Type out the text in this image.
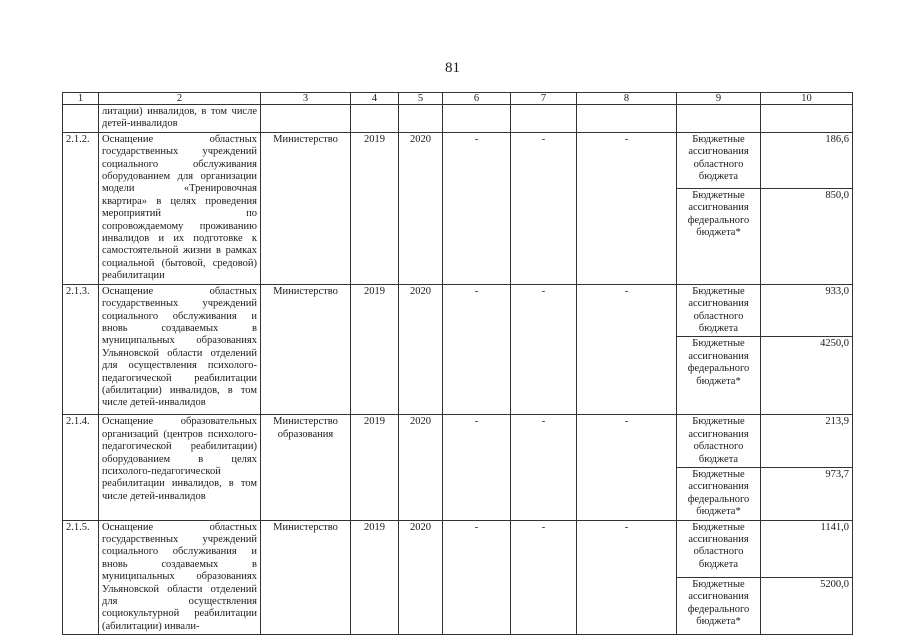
81
1	2	3	4	5	6	7	8	9	10
	литации) инвалидов, в том числе детей-инвалидов								
2.1.2.	Оснащение областных государственных учреждений социального обслуживания оборудованием для организации модели «Тренировочная квартира» в целях проведения мероприятий по сопровождаемому проживанию инвалидов и их подготовке к самостоятельной жизни в рамках социальной (бытовой, средовой) реабилитации	Министерство	2019	2020	-	-	-	Бюджетные ассигнования областного бюджета	186,6
								Бюджетные ассигнования федерального бюджета*	850,0
2.1.3.	Оснащение областных государственных учреждений социального обслуживания и вновь создаваемых в муниципальных образованиях Ульяновской области отделений для осуществления психолого-педагогической реабилитации (абилитации) инвалидов, в том числе детей-инвалидов	Министерство	2019	2020	-	-	-	Бюджетные ассигнования областного бюджета	933,0
								Бюджетные ассигнования федерального бюджета*	4250,0
2.1.4.	Оснащение образовательных организаций (центров психолого-педагогической реабилитации) оборудованием в целях психолого-педагогической реабилитации инвалидов, в том числе детей-инвалидов	Министерство образования	2019	2020	-	-	-	Бюджетные ассигнования областного бюджета	213,9
								Бюджетные ассигнования федерального бюджета*	973,7
2.1.5.	Оснащение областных государственных учреждений социального обслуживания и вновь создаваемых в муниципальных образованиях Ульяновской области отделений для осуществления социокультурной реабилитации (абилитации) инвали-	Министерство	2019	2020	-	-	-	Бюджетные ассигнования областного бюджета	1141,0
								Бюджетные ассигнования федерального бюджета*	5200,0
